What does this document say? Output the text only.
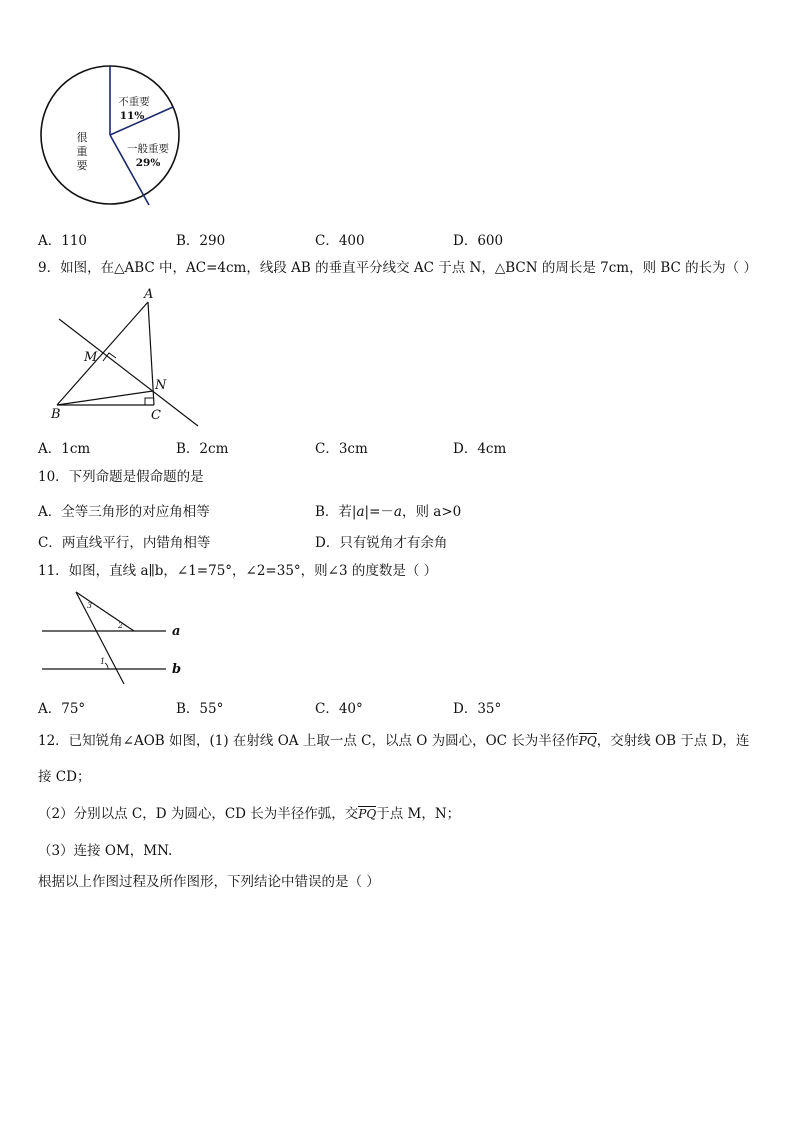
不重要
11%
一般重要
29%
很
重
要
A．110	B．290	C．400	D．600
9．如图，在△ABC 中，AC=4cm，线段 AB 的垂直平分线交 AC 于点 N，△BCN 的周长是 7cm，则 BC 的长为（ ）
A
M
N
B	C
A．1cm	B．2cm	C．3cm	D．4cm
10．下列命题是假命题的是
A．全等三角形的对应角相等	B．若|a|=－a，则 a>0
C．两直线平行，内错角相等	D．只有锐角才有余角
11．如图，直线 a∥b，∠1=75°，∠2=35°，则∠3 的度数是（ ）
a
b
3
2
1
A．75°	B．55°	C．40°	D．35°
12．已知锐角∠AOB 如图，(1) 在射线 OA 上取一点 C，以点 O 为圆心，OC 长为半径作PQ，交射线 OB 于点 D，连
接 CD；
（2）分别以点 C，D 为圆心，CD 长为半径作弧，交PQ于点 M，N；
（3）连接 OM，MN.
根据以上作图过程及所作图形，下列结论中错误的是（ ）
